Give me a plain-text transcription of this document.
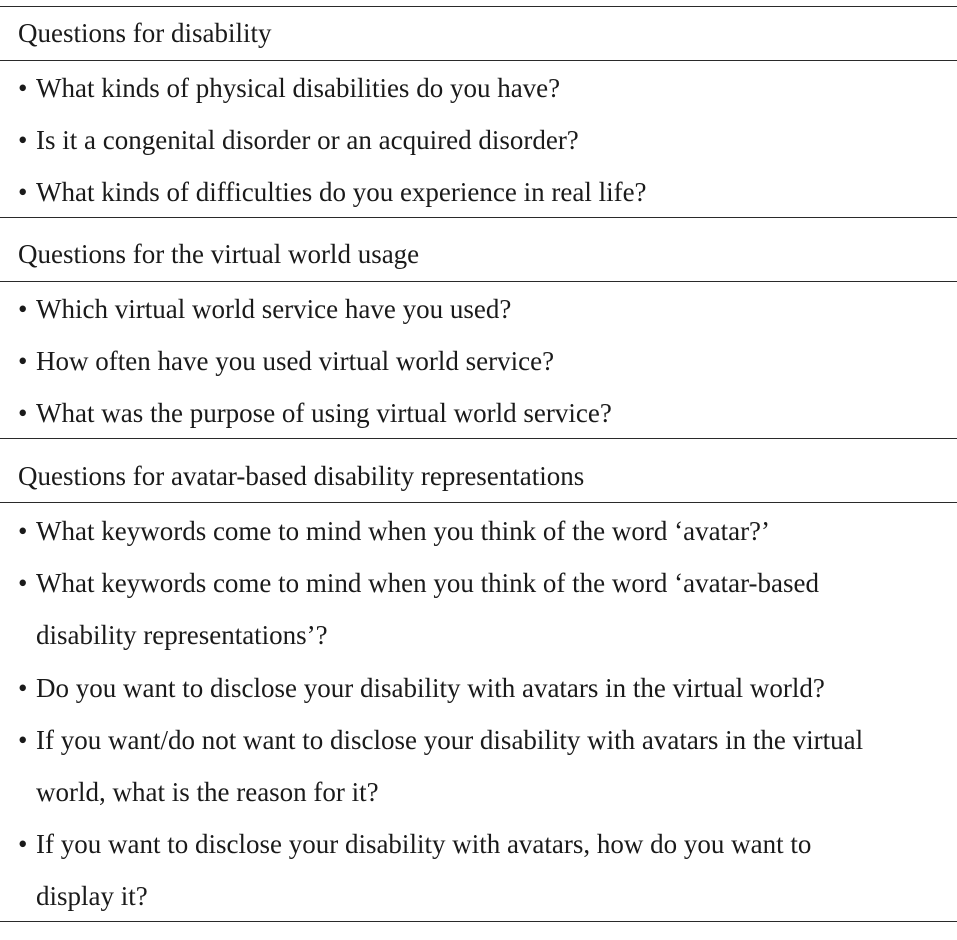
Questions for disability
• What kinds of physical disabilities do you have?
• Is it a congenital disorder or an acquired disorder?
• What kinds of difficulties do you experience in real life?
Questions for the virtual world usage
• Which virtual world service have you used?
• How often have you used virtual world service?
• What was the purpose of using virtual world service?
Questions for avatar-based disability representations
• What keywords come to mind when you think of the word ‘avatar?’
• What keywords come to mind when you think of the word ‘avatar-based
disability representations’?
• Do you want to disclose your disability with avatars in the virtual world?
• If you want/do not want to disclose your disability with avatars in the virtual
world, what is the reason for it?
• If you want to disclose your disability with avatars, how do you want to
display it?
